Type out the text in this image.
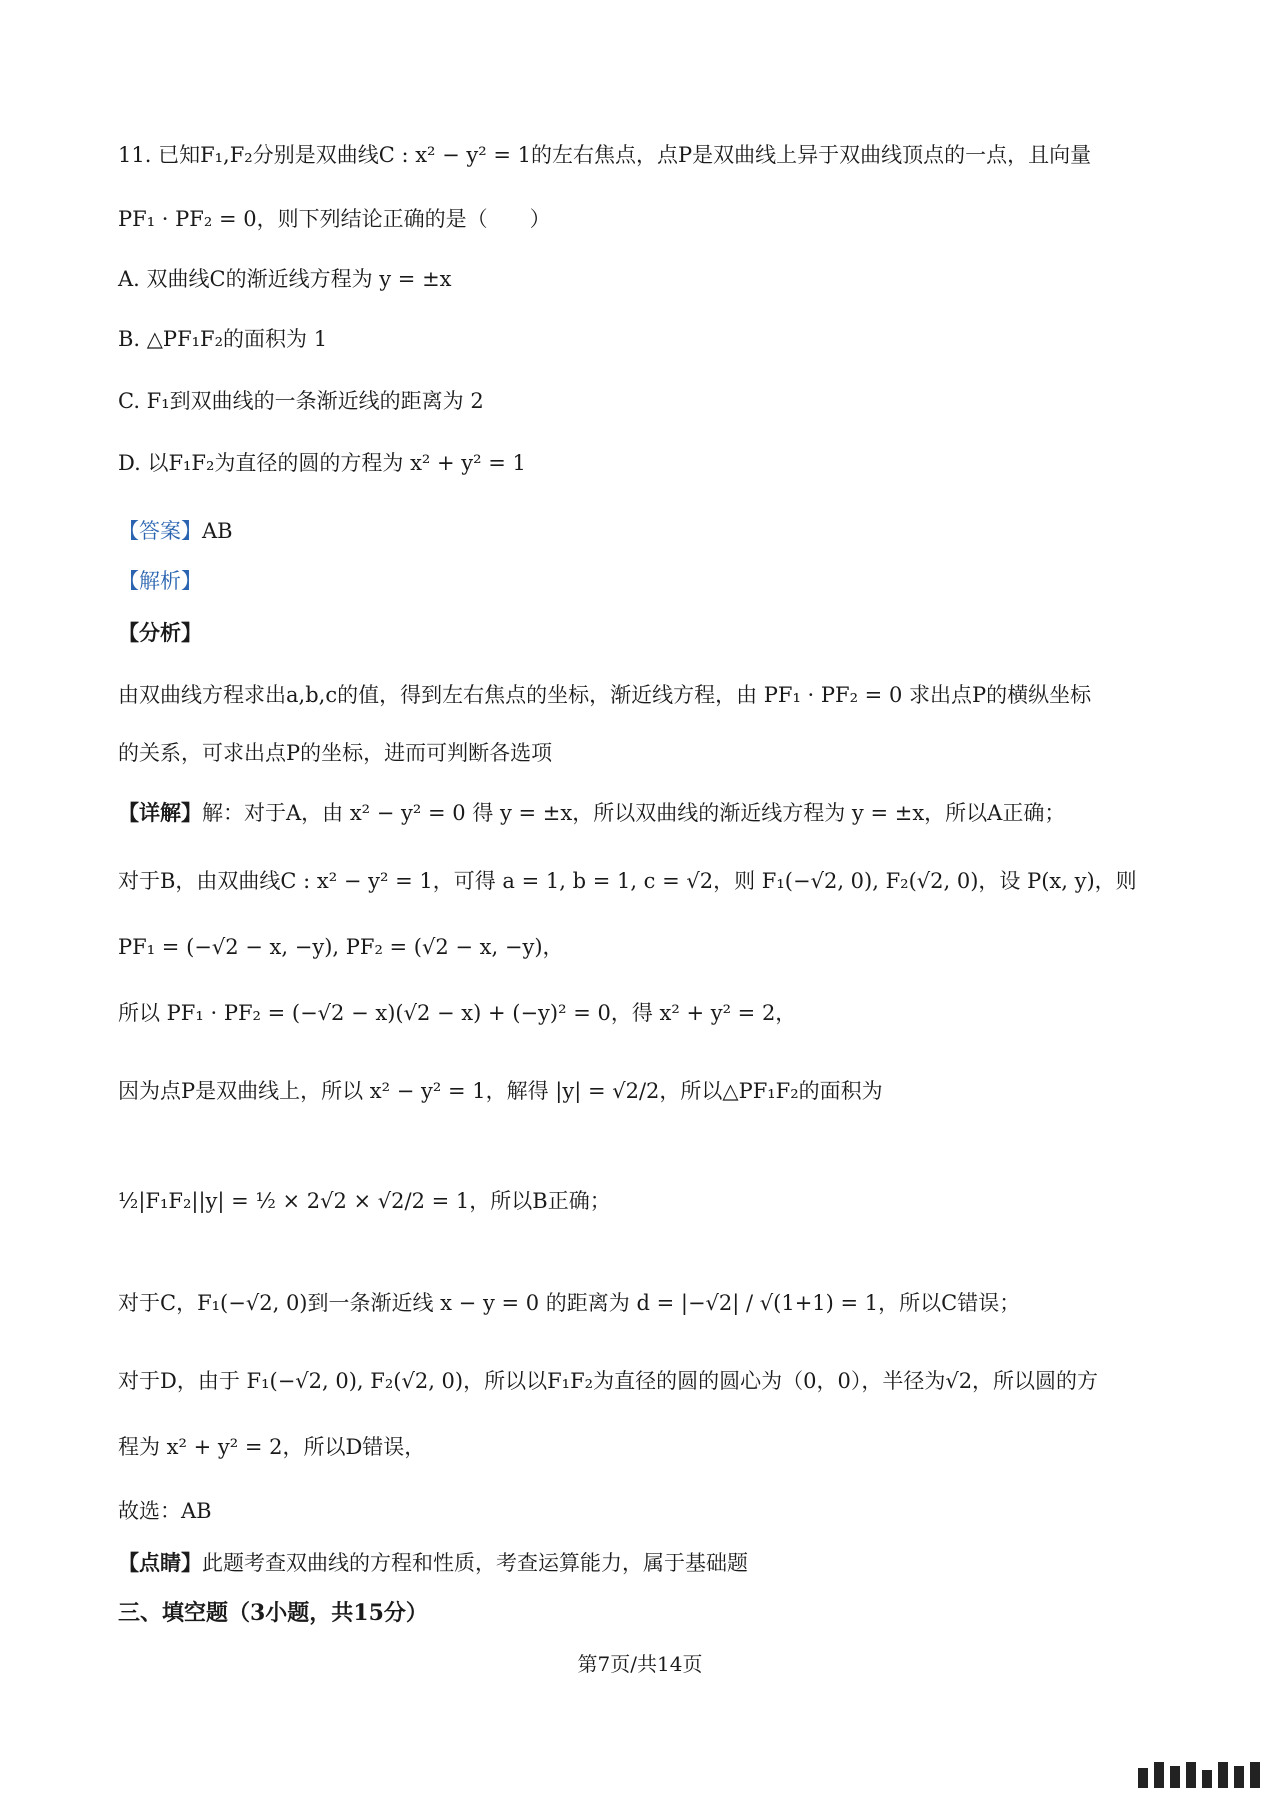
11. 已知F₁,F₂分别是双曲线C : x² − y² = 1的左右焦点，点P是双曲线上异于双曲线顶点的一点，且向量
PF₁ · PF₂ = 0，则下列结论正确的是（　　）
A. 双曲线C的渐近线方程为 y = ±x
B. △PF₁F₂的面积为 1
C. F₁到双曲线的一条渐近线的距离为 2
D. 以F₁F₂为直径的圆的方程为 x² + y² = 1
【答案】AB
【解析】
【分析】
由双曲线方程求出a,b,c的值，得到左右焦点的坐标，渐近线方程，由 PF₁ · PF₂ = 0 求出点P的横纵坐标
的关系，可求出点P的坐标，进而可判断各选项
【详解】解：对于A，由 x² − y² = 0 得 y = ±x，所以双曲线的渐近线方程为 y = ±x，所以A正确；
对于B，由双曲线C : x² − y² = 1，可得 a = 1, b = 1, c = √2，则 F₁(−√2, 0), F₂(√2, 0)，设 P(x, y)，则
PF₁ = (−√2 − x, −y), PF₂ = (√2 − x, −y)，
所以 PF₁ · PF₂ = (−√2 − x)(√2 − x) + (−y)² = 0，得 x² + y² = 2，
因为点P是双曲线上，所以 x² − y² = 1，解得 |y| = √2/2，所以△PF₁F₂的面积为
½|F₁F₂||y| = ½ × 2√2 × √2/2 = 1，所以B正确；
对于C，F₁(−√2, 0)到一条渐近线 x − y = 0 的距离为 d = |−√2| / √(1+1) = 1，所以C错误；
对于D，由于 F₁(−√2, 0), F₂(√2, 0)，所以以F₁F₂为直径的圆的圆心为（0，0），半径为√2，所以圆的方
程为 x² + y² = 2，所以D错误，
故选：AB
【点睛】此题考查双曲线的方程和性质，考查运算能力，属于基础题
三、填空题（3小题，共15分）
第7页/共14页
